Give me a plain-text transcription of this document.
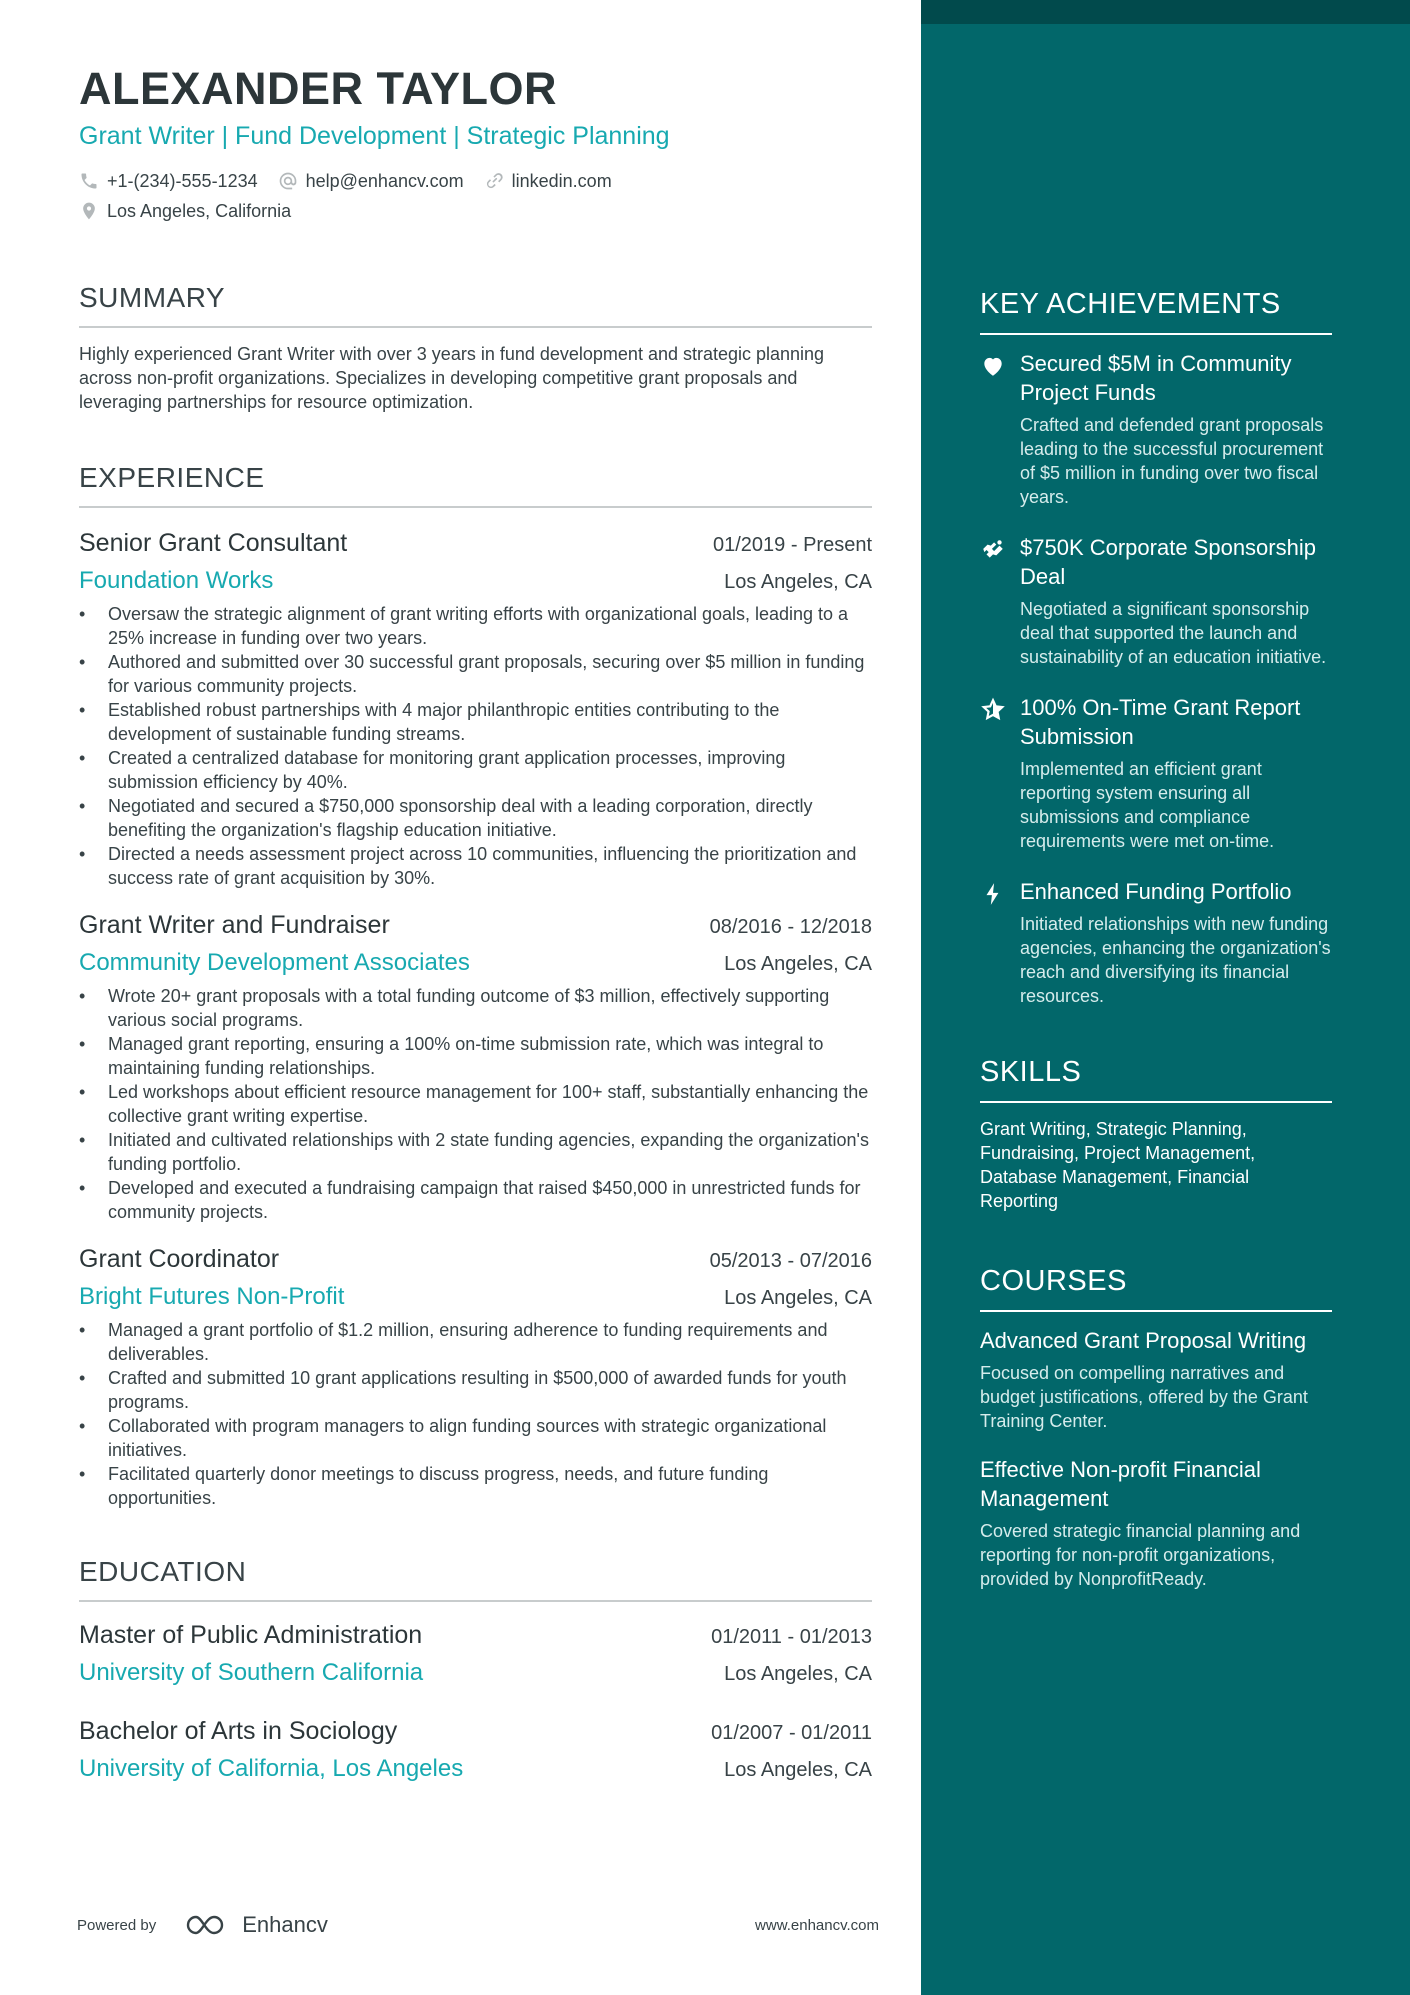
ALEXANDER TAYLOR
Grant Writer | Fund Development | Strategic Planning
+1-(234)-555-1234	help@enhancv.com	linkedin.com
Los Angeles, California
SUMMARY
Highly experienced Grant Writer with over 3 years in fund development and strategic planning across non-profit organizations. Specializes in developing competitive grant proposals and leveraging partnerships for resource optimization.
EXPERIENCE
Senior Grant Consultant	01/2019 - Present
Foundation Works	Los Angeles, CA
• Oversaw the strategic alignment of grant writing efforts with organizational goals, leading to a 25% increase in funding over two years.
• Authored and submitted over 30 successful grant proposals, securing over $5 million in funding for various community projects.
• Established robust partnerships with 4 major philanthropic entities contributing to the development of sustainable funding streams.
• Created a centralized database for monitoring grant application processes, improving submission efficiency by 40%.
• Negotiated and secured a $750,000 sponsorship deal with a leading corporation, directly benefiting the organization's flagship education initiative.
• Directed a needs assessment project across 10 communities, influencing the prioritization and success rate of grant acquisition by 30%.
Grant Writer and Fundraiser	08/2016 - 12/2018
Community Development Associates	Los Angeles, CA
• Wrote 20+ grant proposals with a total funding outcome of $3 million, effectively supporting various social programs.
• Managed grant reporting, ensuring a 100% on-time submission rate, which was integral to maintaining funding relationships.
• Led workshops about efficient resource management for 100+ staff, substantially enhancing the collective grant writing expertise.
• Initiated and cultivated relationships with 2 state funding agencies, expanding the organization's funding portfolio.
• Developed and executed a fundraising campaign that raised $450,000 in unrestricted funds for community projects.
Grant Coordinator	05/2013 - 07/2016
Bright Futures Non-Profit	Los Angeles, CA
• Managed a grant portfolio of $1.2 million, ensuring adherence to funding requirements and deliverables.
• Crafted and submitted 10 grant applications resulting in $500,000 of awarded funds for youth programs.
• Collaborated with program managers to align funding sources with strategic organizational initiatives.
• Facilitated quarterly donor meetings to discuss progress, needs, and future funding opportunities.
EDUCATION
Master of Public Administration	01/2011 - 01/2013
University of Southern California	Los Angeles, CA
Bachelor of Arts in Sociology	01/2007 - 01/2011
University of California, Los Angeles	Los Angeles, CA
KEY ACHIEVEMENTS
Secured $5M in Community Project Funds
Crafted and defended grant proposals leading to the successful procurement of $5 million in funding over two fiscal years.
$750K Corporate Sponsorship Deal
Negotiated a significant sponsorship deal that supported the launch and sustainability of an education initiative.
100% On-Time Grant Report Submission
Implemented an efficient grant reporting system ensuring all submissions and compliance requirements were met on-time.
Enhanced Funding Portfolio
Initiated relationships with new funding agencies, enhancing the organization's reach and diversifying its financial resources.
SKILLS
Grant Writing, Strategic Planning, Fundraising, Project Management, Database Management, Financial Reporting
COURSES
Advanced Grant Proposal Writing
Focused on compelling narratives and budget justifications, offered by the Grant Training Center.
Effective Non-profit Financial Management
Covered strategic financial planning and reporting for non-profit organizations, provided by NonprofitReady.
Powered by	Enhancv	www.enhancv.com
